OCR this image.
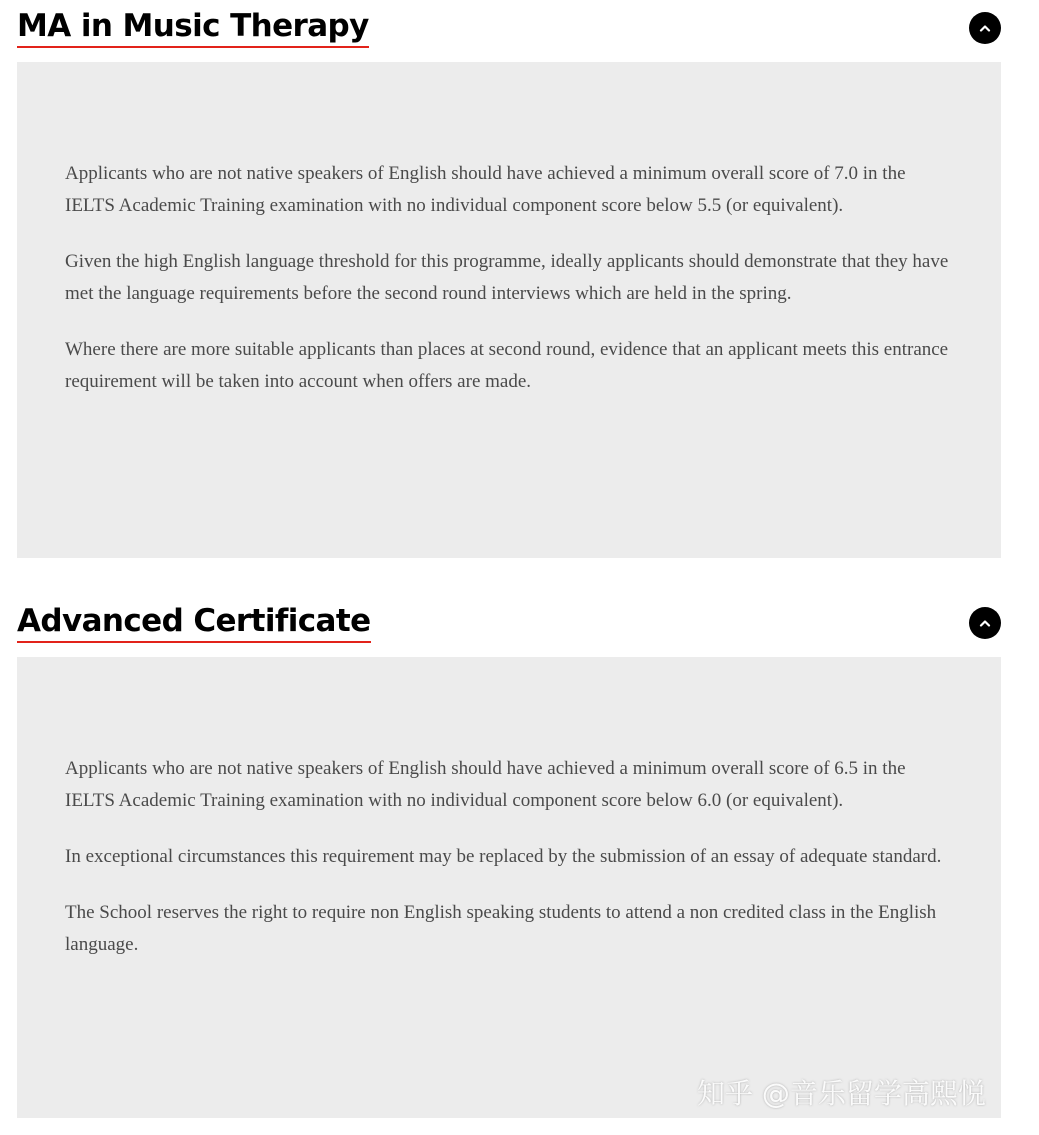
MA in Music Therapy

Applicants who are not native speakers of English should have achieved a minimum overall score of 7.0 in the IELTS Academic Training examination with no individual component score below 5.5 (or equivalent).

Given the high English language threshold for this programme, ideally applicants should demonstrate that they have met the language requirements before the second round interviews which are held in the spring.

Where there are more suitable applicants than places at second round, evidence that an applicant meets this entrance requirement will be taken into account when offers are made.

Advanced Certificate

Applicants who are not native speakers of English should have achieved a minimum overall score of 6.5 in the IELTS Academic Training examination with no individual component score below 6.0 (or equivalent).

In exceptional circumstances this requirement may be replaced by the submission of an essay of adequate standard.

The School reserves the right to require non English speaking students to attend a non credited class in the English language.

知乎 @音乐留学高熙悦
